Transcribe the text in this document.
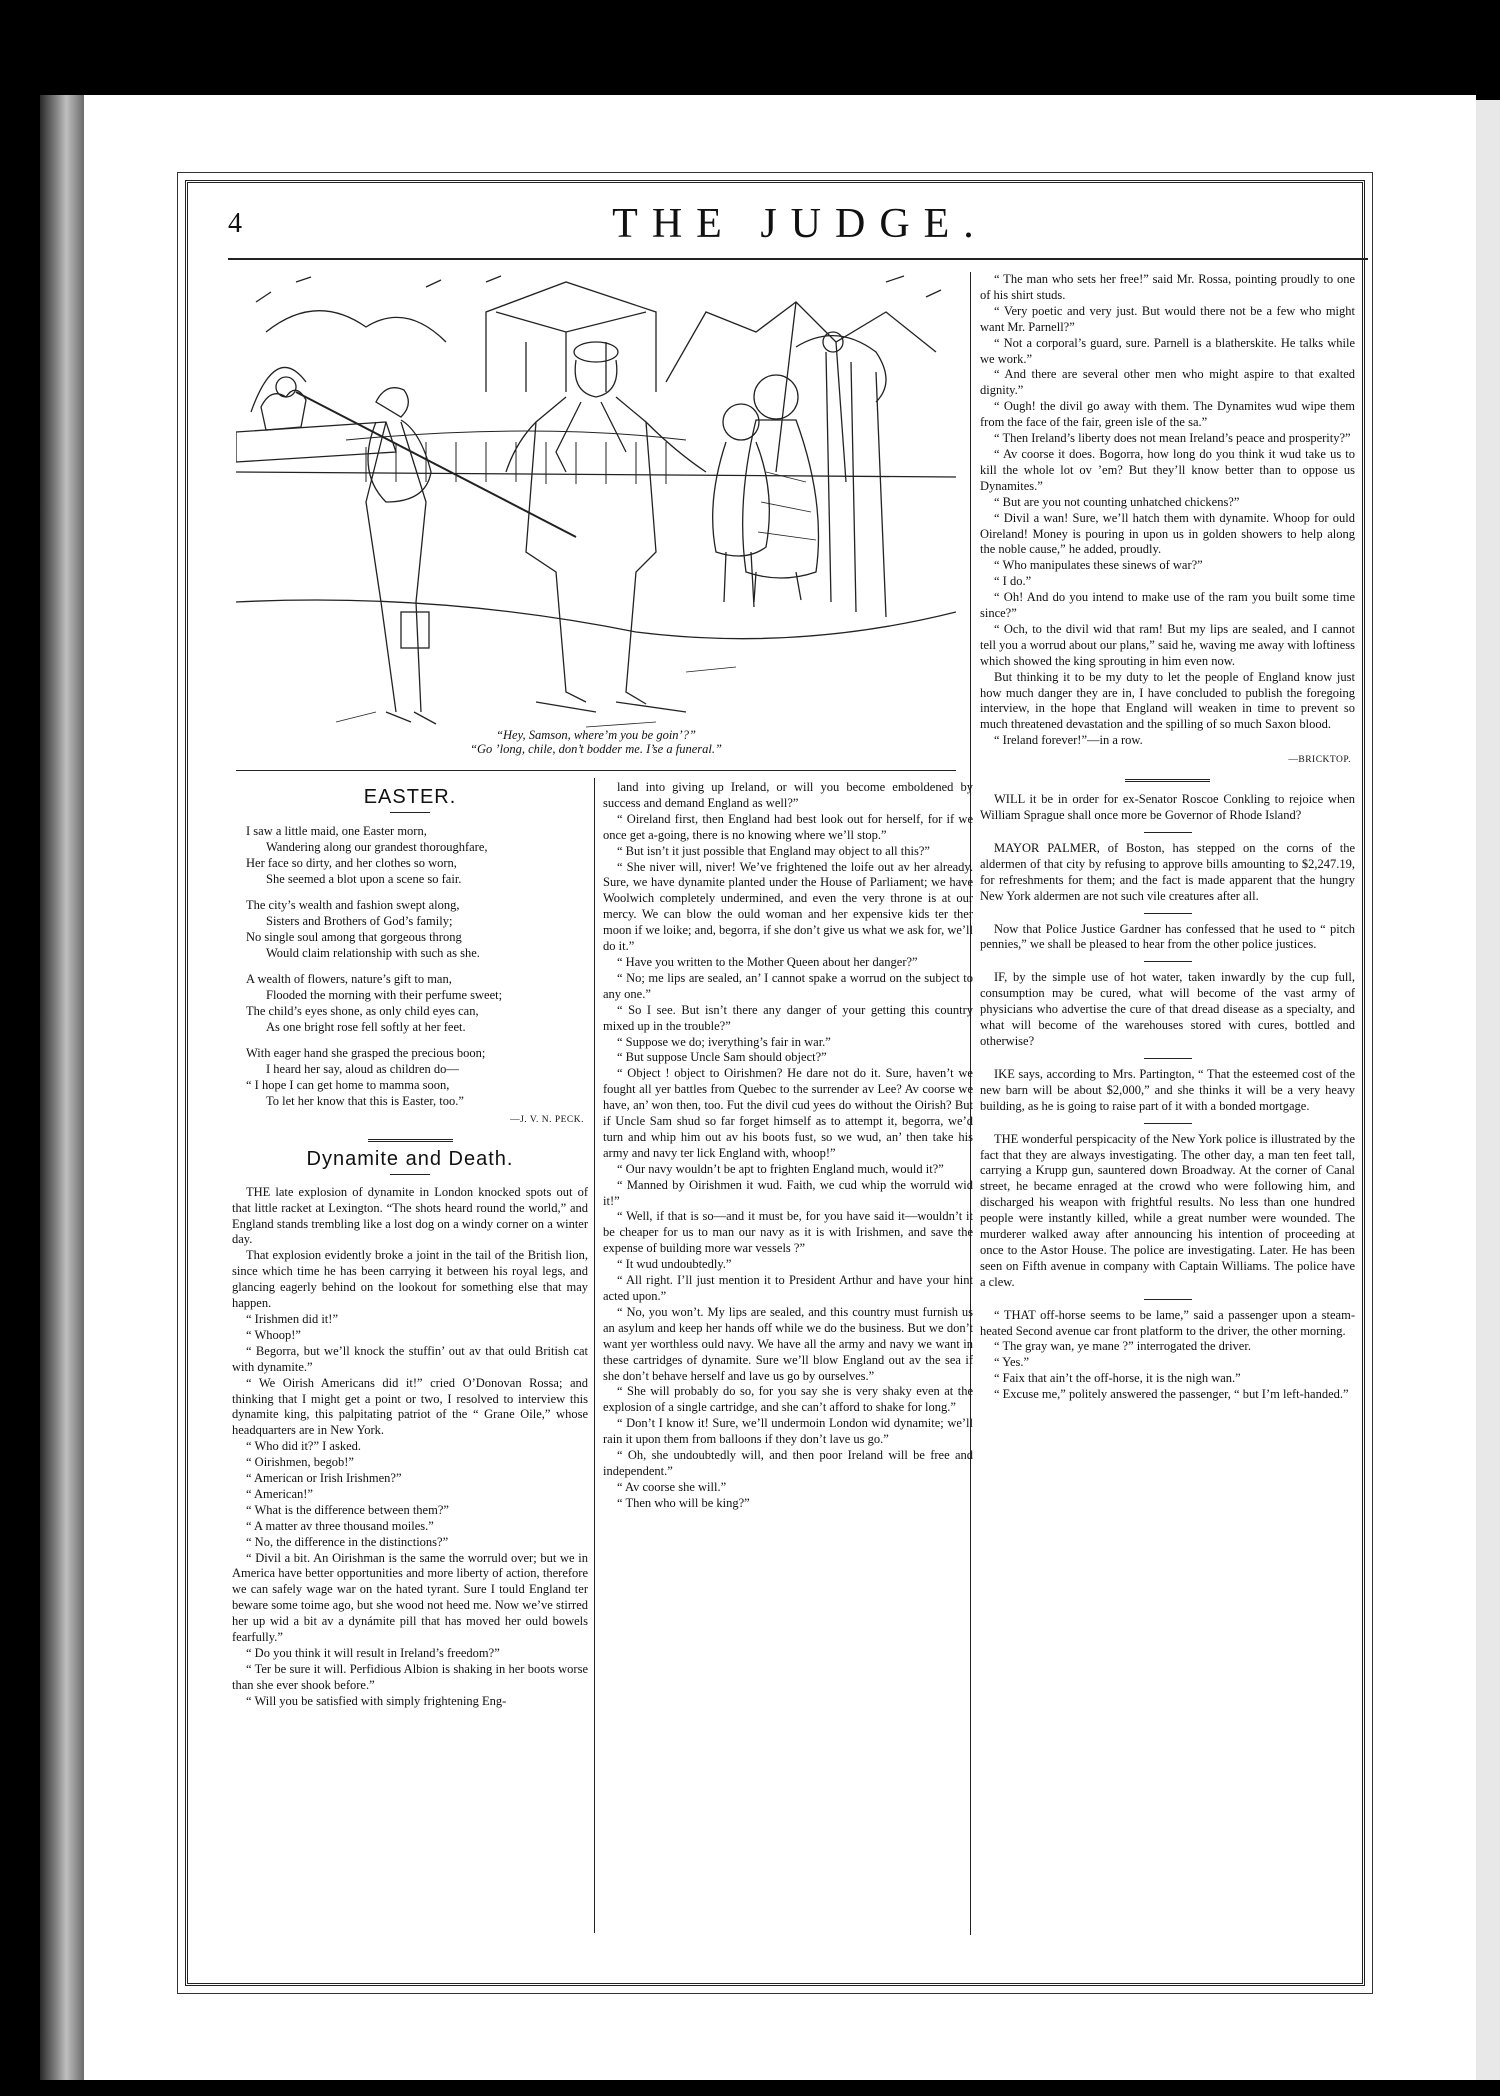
4	THE JUDGE.
“Hey, Samson, where’m you be goin’?”
“Go ’long, chile, don’t bodder me. I’se a funeral.”
EASTER.
I saw a little maid, one Easter morn,
Wandering along our grandest thoroughfare,
Her face so dirty, and her clothes so worn,
She seemed a blot upon a scene so fair.
The city’s wealth and fashion swept along,
Sisters and Brothers of God’s family;
No single soul among that gorgeous throng
Would claim relationship with such as she.
A wealth of flowers, nature’s gift to man,
Flooded the morning with their perfume sweet;
The child’s eyes shone, as only child eyes can,
As one bright rose fell softly at her feet.
With eager hand she grasped the precious boon;
I heard her say, aloud as children do—
“ I hope I can get home to mamma soon,
To let her know that this is Easter, too.”
—J. V. N. PECK.
Dynamite and Death.

THE late explosion of dynamite in London knocked spots out of that little racket at Lexington. “The shots heard round the world,” and England stands trembling like a lost dog on a windy corner on a winter day.

That explosion evidently broke a joint in the tail of the British lion, since which time he has been carrying it between his royal legs, and glancing eagerly behind on the lookout for something else that may happen.

“ Irishmen did it!”

“ Whoop!”

“ Begorra, but we’ll knock the stuffin’ out av that ould British cat with dynamite.”

“ We Oirish Americans did it!” cried O’Donovan Rossa; and thinking that I might get a point or two, I resolved to interview this dynamite king, this palpitating patriot of the “ Grane Oile,” whose headquarters are in New York.

“ Who did it?” I asked.

“ Oirishmen, begob!”

“ American or Irish Irishmen?”

“ American!”

“ What is the difference between them?”

“ A matter av three thousand moiles.”

“ No, the difference in the distinctions?”

“ Divil a bit. An Oirishman is the same the worruld over; but we in America have better opportunities and more liberty of action, therefore we can safely wage war on the hated tyrant. Sure I tould England ter beware some toime ago, but she wood not heed me. Now we’ve stirred her up wid a bit av a dynámite pill that has moved her ould bowels fearfully.”

“ Do you think it will result in Ireland’s freedom?”

“ Ter be sure it will. Perfidious Albion is shaking in her boots worse than she ever shook before.”

“ Will you be satisfied with simply frightening Eng-

land into giving up Ireland, or will you become emboldened by success and demand England as well?”

“ Oireland first, then England had best look out for herself, for if we once get a-going, there is no knowing where we’ll stop.”

“ But isn’t it just possible that England may object to all this?”

“ She niver will, niver! We’ve frightened the loife out av her already. Sure, we have dynamite planted under the House of Parliament; we have Woolwich completely undermined, and even the very throne is at our mercy. We can blow the ould woman and her expensive kids ter ther moon if we loike; and, begorra, if she don’t give us what we ask for, we’ll do it.”

“ Have you written to the Mother Queen about her danger?”

“ No; me lips are sealed, an’ I cannot spake a worrud on the subject to any one.”

“ So I see. But isn’t there any danger of your getting this country mixed up in the trouble?”

“ Suppose we do; iverything’s fair in war.”

“ But suppose Uncle Sam should object?”

“ Object ! object to Oirishmen? He dare not do it. Sure, haven’t we fought all yer battles from Quebec to the surrender av Lee? Av coorse we have, an’ won then, too. Fut the divil cud yees do without the Oirish? But if Uncle Sam shud so far forget himself as to attempt it, begorra, we’d turn and whip him out av his boots fust, so we wud, an’ then take his army and navy ter lick England with, whoop!”

“ Our navy wouldn’t be apt to frighten England much, would it?”

“ Manned by Oirishmen it wud. Faith, we cud whip the worruld wid it!”

“ Well, if that is so—and it must be, for you have said it—wouldn’t it be cheaper for us to man our navy as it is with Irishmen, and save the expense of building more war vessels ?”

“ It wud undoubtedly.”

“ All right. I’ll just mention it to President Arthur and have your hint acted upon.”

“ No, you won’t. My lips are sealed, and this country must furnish us an asylum and keep her hands off while we do the business. But we don’t want yer worthless ould navy. We have all the army and navy we want in these cartridges of dynamite. Sure we’ll blow England out av the sea if she don’t behave herself and lave us go by ourselves.”

“ She will probably do so, for you say she is very shaky even at the explosion of a single cartridge, and she can’t afford to shake for long.”

“ Don’t I know it! Sure, we’ll undermoin London wid dynamite; we’ll rain it upon them from balloons if they don’t lave us go.”

“ Oh, she undoubtedly will, and then poor Ireland will be free and independent.”

“ Av coorse she will.”

“ Then who will be king?”

“ The man who sets her free!” said Mr. Rossa, pointing proudly to one of his shirt studs.

“ Very poetic and very just. But would there not be a few who might want Mr. Parnell?”

“ Not a corporal’s guard, sure. Parnell is a blatherskite. He talks while we work.”

“ And there are several other men who might aspire to that exalted dignity.”

“ Ough! the divil go away with them. The Dynamites wud wipe them from the face of the fair, green isle of the sa.”

“ Then Ireland’s liberty does not mean Ireland’s peace and prosperity?”

“ Av coorse it does. Bogorra, how long do you think it wud take us to kill the whole lot ov ’em? But they’ll know better than to oppose us Dynamites.”

“ But are you not counting unhatched chickens?”

“ Divil a wan! Sure, we’ll hatch them with dynamite. Whoop for ould Oireland! Money is pouring in upon us in golden showers to help along the noble cause,” he added, proudly.

“ Who manipulates these sinews of war?”

“ I do.”

“ Oh! And do you intend to make use of the ram you built some time since?”

“ Och, to the divil wid that ram! But my lips are sealed, and I cannot tell you a worrud about our plans,” said he, waving me away with loftiness which showed the king sprouting in him even now.

But thinking it to be my duty to let the people of England know just how much danger they are in, I have concluded to publish the foregoing interview, in the hope that England will weaken in time to prevent so much threatened devastation and the spilling of so much Saxon blood.

“ Ireland forever!”—in a row.

—BRICKTOP.

WILL it be in order for ex-Senator Roscoe Conkling to rejoice when William Sprague shall once more be Governor of Rhode Island?

MAYOR PALMER, of Boston, has stepped on the corns of the aldermen of that city by refusing to approve bills amounting to $2,247.19, for refreshments for them; and the fact is made apparent that the hungry New York aldermen are not such vile creatures after all.

Now that Police Justice Gardner has confessed that he used to “ pitch pennies,” we shall be pleased to hear from the other police justices.

IF, by the simple use of hot water, taken inwardly by the cup full, consumption may be cured, what will become of the vast army of physicians who advertise the cure of that dread disease as a specialty, and what will become of the warehouses stored with cures, bottled and otherwise?

IKE says, according to Mrs. Partington, “ That the esteemed cost of the new barn will be about $2,000,” and she thinks it will be a very heavy building, as he is going to raise part of it with a bonded mortgage.

THE wonderful perspicacity of the New York police is illustrated by the fact that they are always investigating. The other day, a man ten feet tall, carrying a Krupp gun, sauntered down Broadway. At the corner of Canal street, he became enraged at the crowd who were following him, and discharged his weapon with frightful results. No less than one hundred people were instantly killed, while a great number were wounded. The murderer walked away after announcing his intention of proceeding at once to the Astor House. The police are investigating. Later. He has been seen on Fifth avenue in company with Captain Williams. The police have a clew.

“ THAT off-horse seems to be lame,” said a passenger upon a steam-heated Second avenue car front platform to the driver, the other morning.

“ The gray wan, ye mane ?” interrogated the driver.

“ Yes.”

“ Faix that ain’t the off-horse, it is the nigh wan.”

“ Excuse me,” politely answered the passenger, “ but I’m left-handed.”

comicbooks.com
